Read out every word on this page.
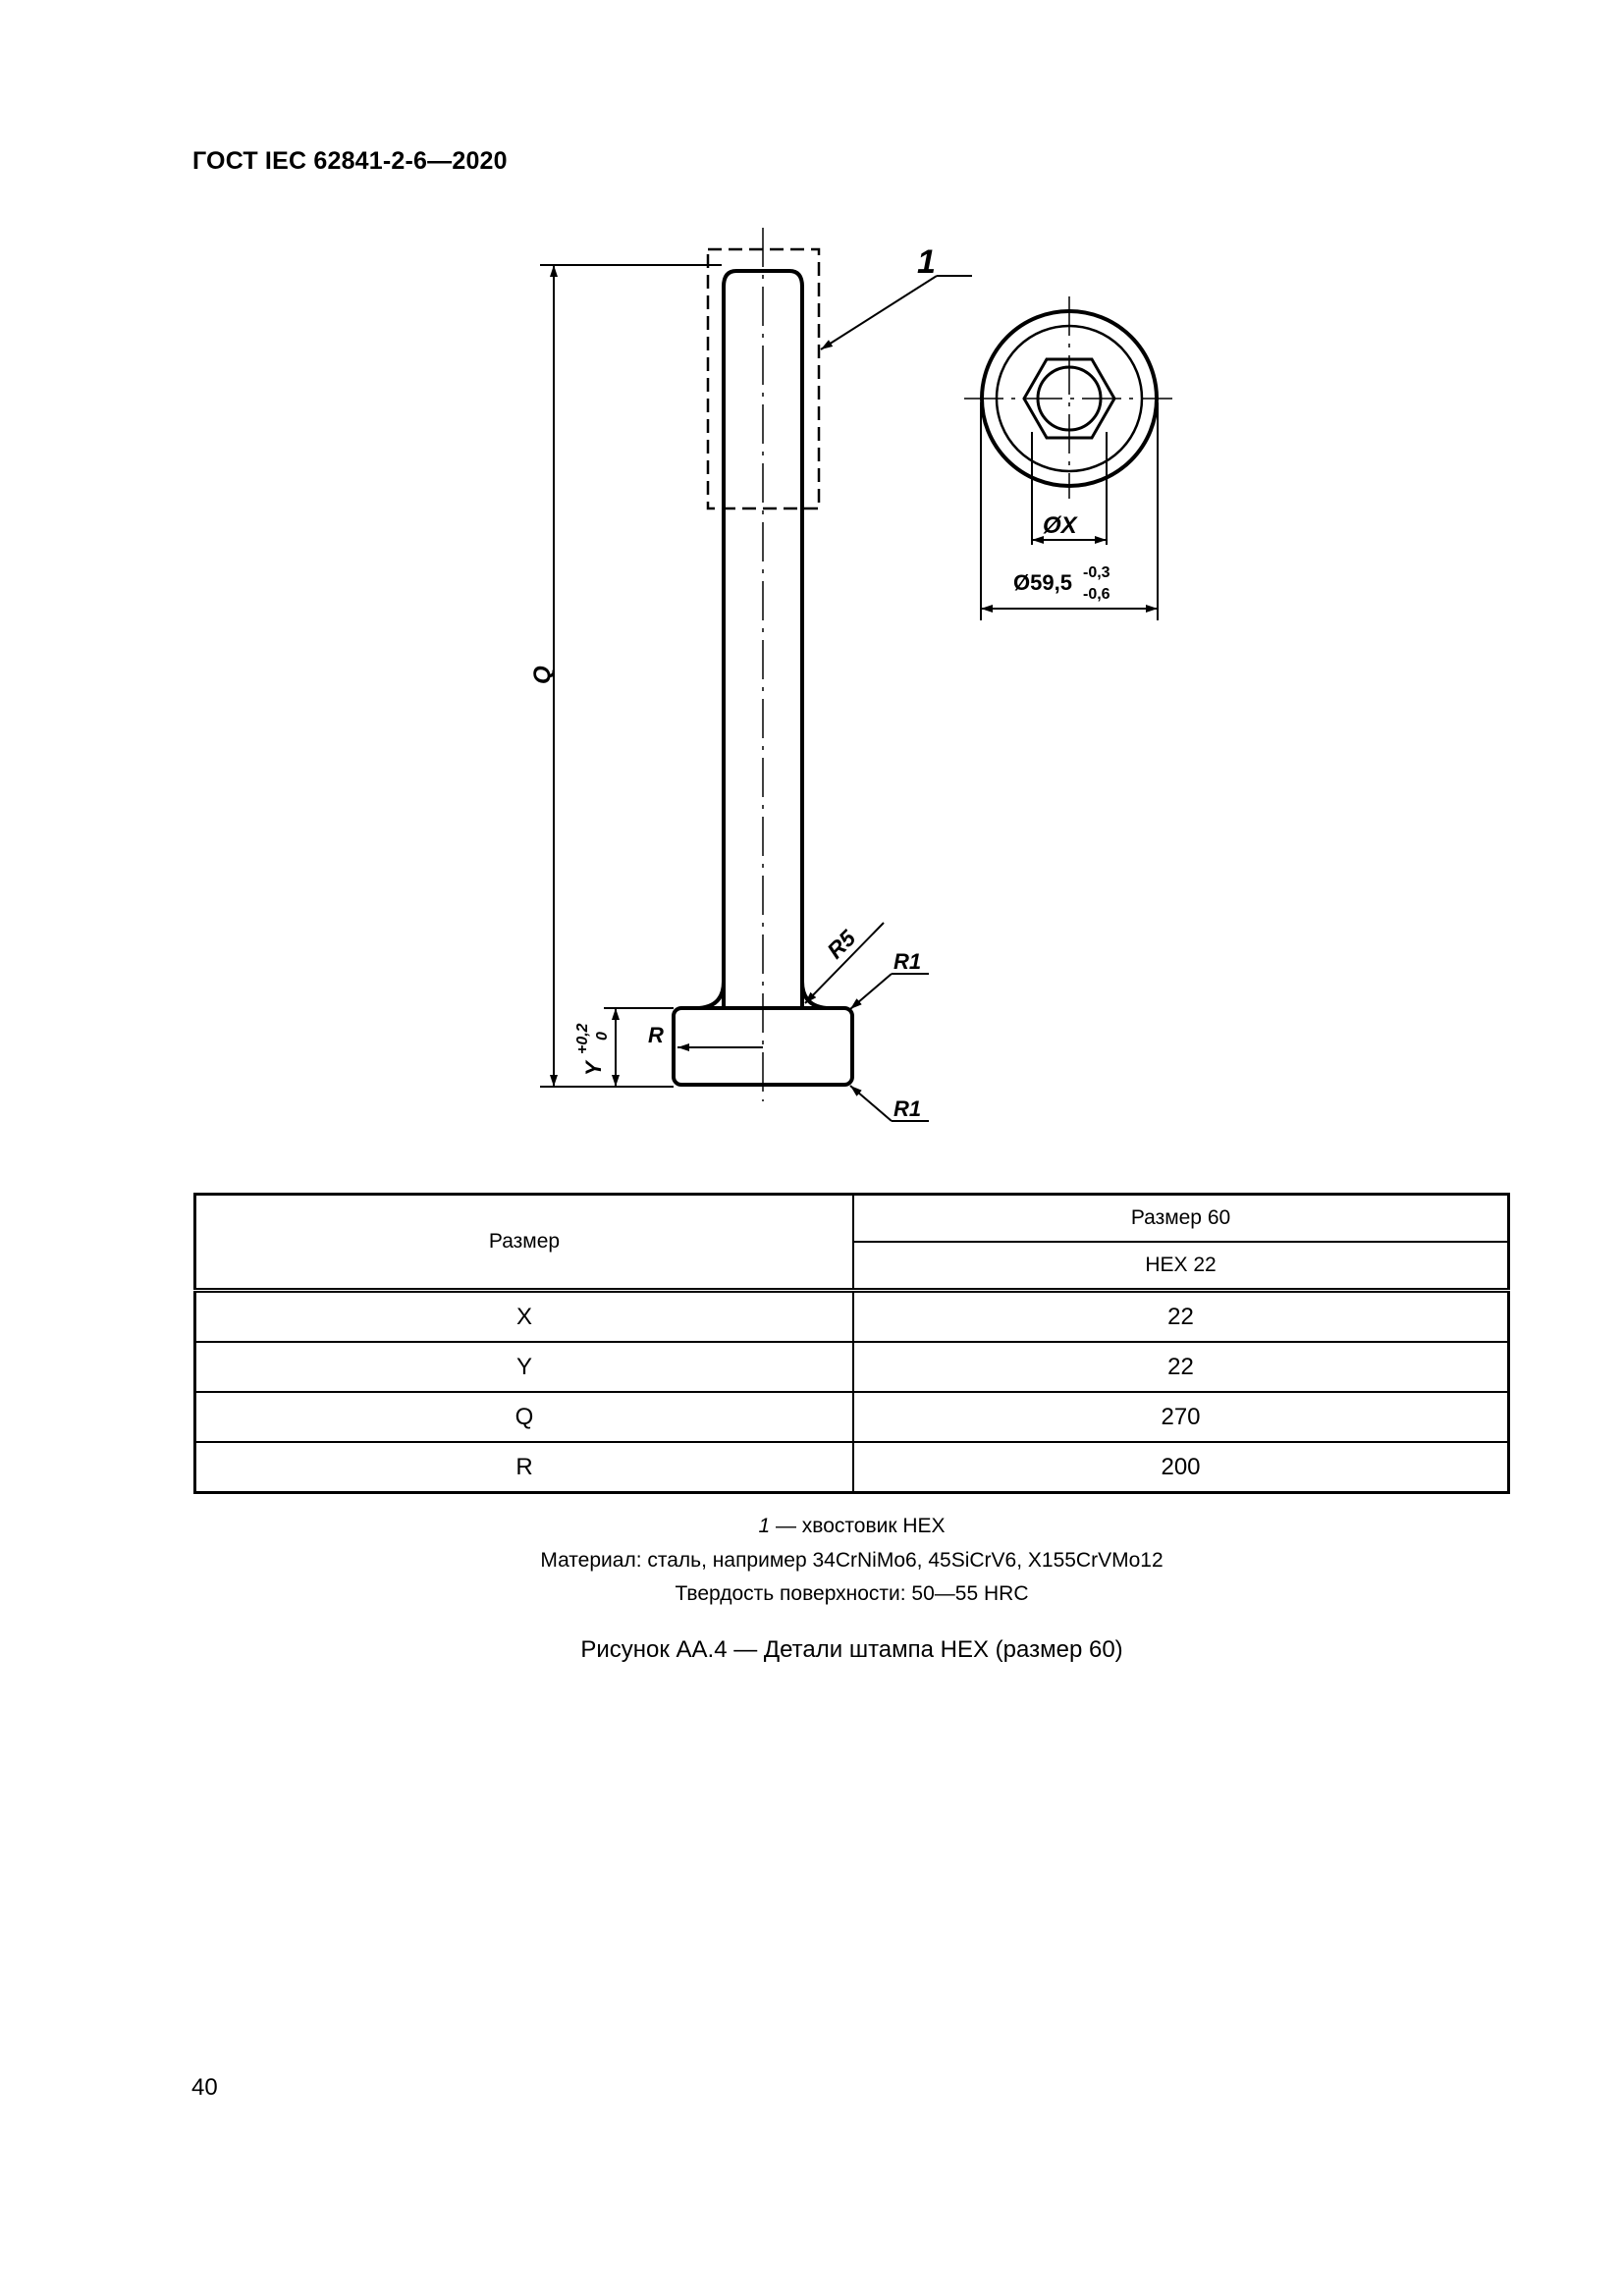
ГОСТ IEC 62841-2-6—2020
1
Q
Y
+0,2 0 R
R5 R1
R1
ØX
Ø59,5 -0,3
-0,6
Размер	Размер 60
	HEX 22
X	22
Y	22
Q	270
R	200
1 — хвостовик HEX
Материал: сталь, например 34CrNiMo6, 45SiCrV6, X155CrVMo12
Твердость поверхности: 50—55 HRC
Рисунок АА.4 — Детали штампа HEX (размер 60)
40
